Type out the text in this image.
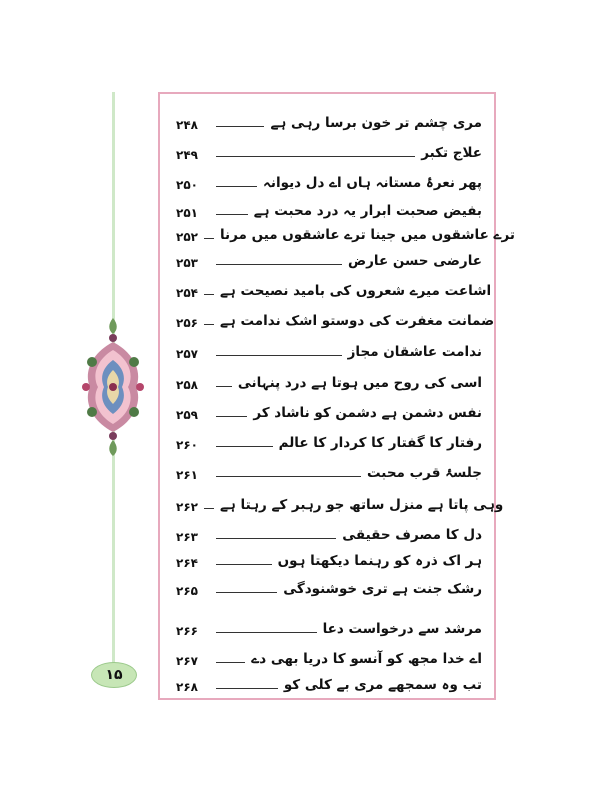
۲۴۸	مری چشم تر خون برسا رہی ہے
۲۴۹	علاج تکبر
۲۵۰	پھر نعرۂ مستانہ ہاں اے دل دیوانہ
۲۵۱	بفیض صحبت ابرار یہ درد محبت ہے
۲۵۲ ترے عاشقوں میں جینا ترے عاشقوں میں مرنا
۲۵۳	عارضی حسن عارض
۲۵۴ اشاعت میرے شعروں کی بامید نصیحت ہے
۲۵۶ ضمانت مغفرت کی دوستو اشک ندامت ہے
۲۵۷	ندامت عاشقان مجاز
۲۵۸	اسی کی روح میں ہوتا ہے درد پنہانی
۲۵۹	نفس دشمن ہے دشمن کو ناشاد کر
۲۶۰	رفتار کا گفتار کا کردار کا عالم
۲۶۱	جلسۂ قرب محبت
۲۶۲ وہی پاتا ہے منزل ساتھ جو رہبر کے رہتا ہے
۲۶۳	دل کا مصرف حقیقی
۲۶۴	ہر اک ذرہ کو رہنما دیکھتا ہوں
۲۶۵	رشک جنت ہے تری خوشنودگی
۲۶۶	مرشد سے درخواست دعا
۲۶۷	اے خدا مجھ کو آنسو کا دریا بھی دے
۲۶۸	تب وہ سمجھے مری بے کلی کو
۱۵
